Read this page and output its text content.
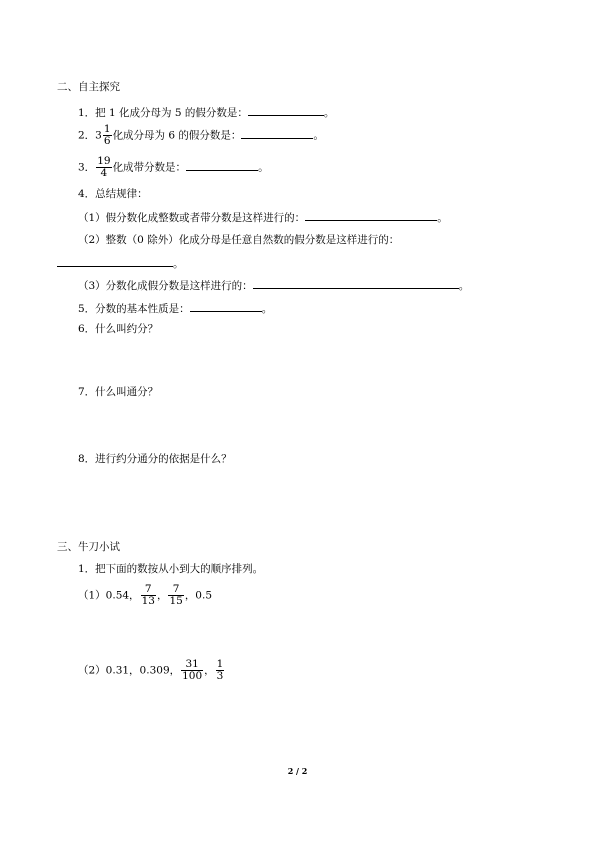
二、自主探究
1．把 1 化成分母为 5 的假分数是：	。
2．$3 \frac{1}{6}$ 化成分母为 6 的假分数是：	。
3． $\frac{19}{4}$ 化成带分数是：	。
4．总结规律：
（1）假分数化成整数或者带分数是这样进行的：	。
（2）整数（0 除外）化成分母是任意自然数的假分数是这样进行的：
。
（3）分数化成假分数是这样进行的：	。
5．分数的基本性质是：	。
6．什么叫约分？
7．什么叫通分？
8．进行约分通分的依据是什么？
三、牛刀小试
1．把下面的数按从小到大的顺序排列。
（1）0.54， $\frac{7}{13}$ ， $\frac{7}{15}$ ，0.5
（2）0.31，0.309， $\frac{31}{100}$ ， $\frac{1}{3}$
2 / 2
